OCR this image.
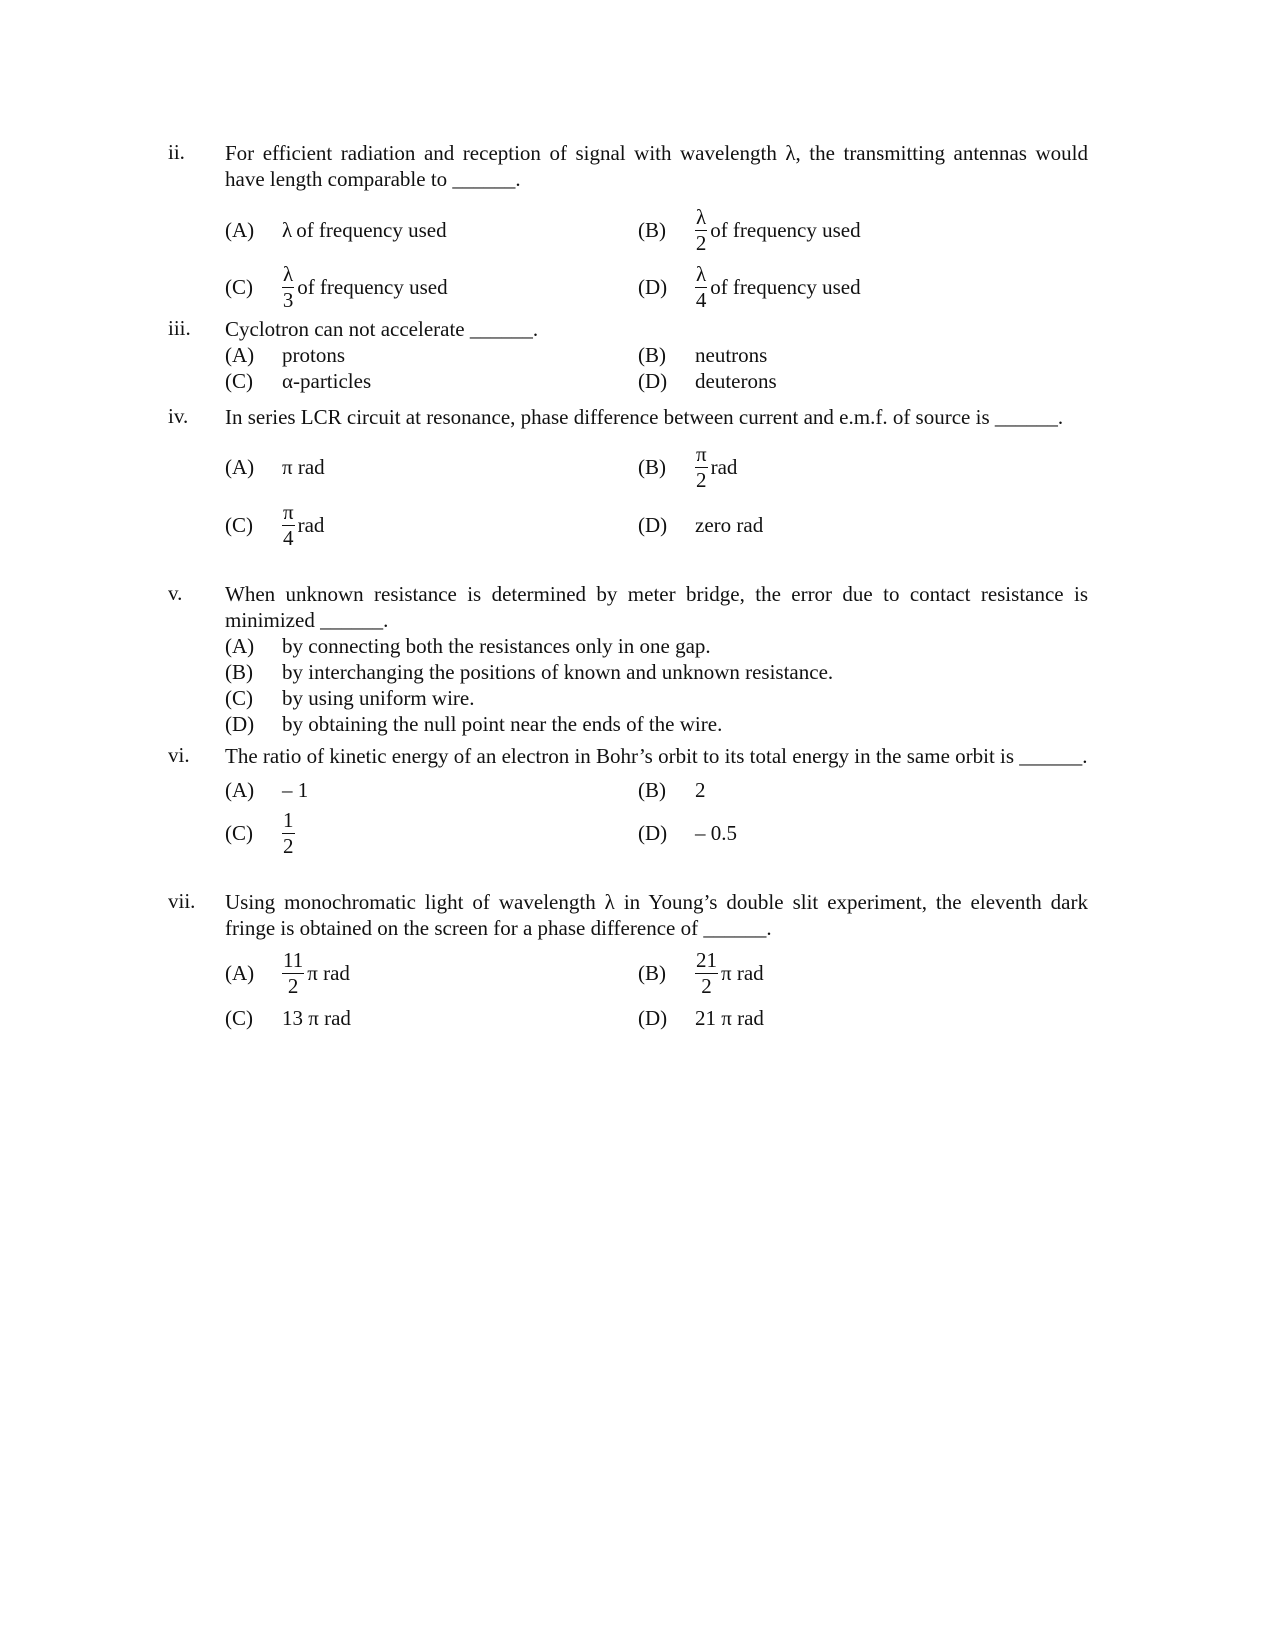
ii. For efficient radiation and reception of signal with wavelength λ, the transmitting antennas would have length comparable to ______.
(A)	λ of frequency used	(B)	$\frac{\lambda}{2}$ of frequency used
(C)	$\frac{\lambda}{3}$ of frequency used	(D)	$\frac{\lambda}{4}$ of frequency used
iii. Cyclotron can not accelerate ______.
(A)	protons	(B)	neutrons
(C)	α-particles	(D)	deuterons
iv. In series LCR circuit at resonance, phase difference between current and e.m.f. of source is ______.
(A)	π rad	(B)	$\frac{\pi}{2}$ rad
(C)	$\frac{\pi}{4}$ rad	(D)	zero rad
v. When unknown resistance is determined by meter bridge, the error due to contact resistance is minimized ______.
(A)	by connecting both the resistances only in one gap.
(B)	by interchanging the positions of known and unknown resistance.
(C)	by using uniform wire.
(D)	by obtaining the null point near the ends of the wire.
vi. The ratio of kinetic energy of an electron in Bohr’s orbit to its total energy in the same orbit is ______.
(A)	– 1	(B)	2
(C)	$\frac{1}{2}$	(D)	– 0.5
vii. Using monochromatic light of wavelength λ in Young’s double slit experiment, the eleventh dark fringe is obtained on the screen for a phase difference of ______.
(A)	$\frac{11}{2}$ π rad	(B)	$\frac{21}{2}$ π rad
(C)	13 π rad	(D)	21 π rad
